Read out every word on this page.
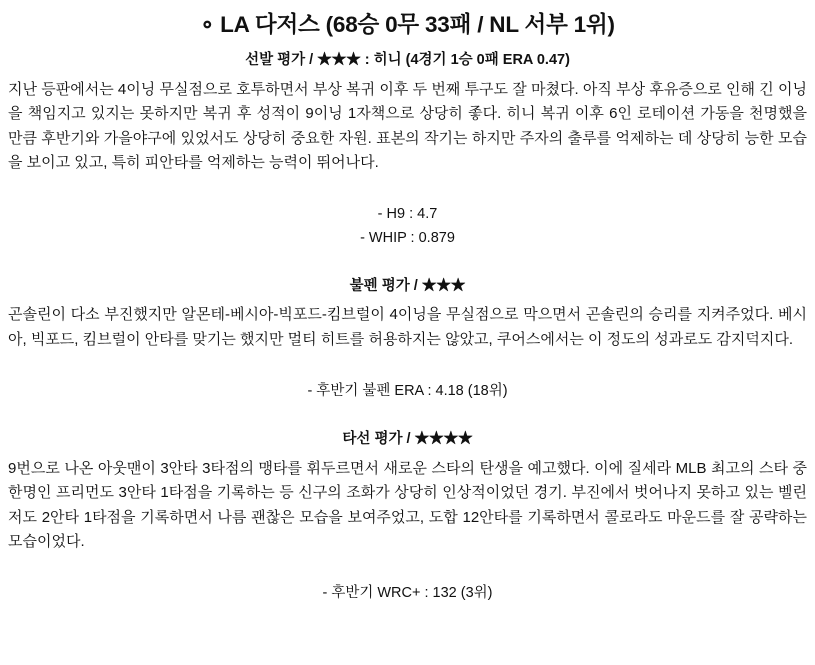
∘ LA 다저스 (68승 0무 33패 / NL 서부 1위)
선발 평가 / ★★★ : 히니 (4경기 1승 0패 ERA 0.47)
지난 등판에서는 4이닝 무실점으로 호투하면서 부상 복귀 이후 두 번째 투구도 잘 마쳤다. 아직 부상 후유증으로 인해 긴 이닝을 책임지고 있지는 못하지만 복귀 후 성적이 9이닝 1자책으로 상당히 좋다. 히니 복귀 이후 6인 로테이션 가동을 천명했을 만큼 후반기와 가을야구에 있었서도 상당히 중요한 자원. 표본의 작기는 하지만 주자의 출루를 억제하는 데 상당히 능한 모습을 보이고 있고, 특히 피안타를 억제하는 능력이 뛰어나다.
- H9 : 4.7
- WHIP : 0.879
불펜 평가 / ★★★
곤솔린이 다소 부진했지만 알몬테-베시아-빅포드-킴브럴이 4이닝을 무실점으로 막으면서 곤솔린의 승리를 지켜주었다. 베시아, 빅포드, 킴브럴이 안타를 맞기는 했지만 멀티 히트를 허용하지는 않았고, 쿠어스에서는 이 정도의 성과로도 감지덕지다.
- 후반기 불펜 ERA : 4.18 (18위)
타선 평가 / ★★★★
9번으로 나온 아웃맨이 3안타 3타점의 맹타를 휘두르면서 새로운 스타의 탄생을 예고했다. 이에 질세라 MLB 최고의 스타 중 한명인 프리먼도 3안타 1타점을 기록하는 등 신구의 조화가 상당히 인상적이었던 경기. 부진에서 벗어나지 못하고 있는 벨린저도 2안타 1타점을 기록하면서 나름 괜찮은 모습을 보여주었고, 도합 12안타를 기록하면서 콜로라도 마운드를 잘 공략하는 모습이었다.
- 후반기 WRC+ : 132 (3위)
